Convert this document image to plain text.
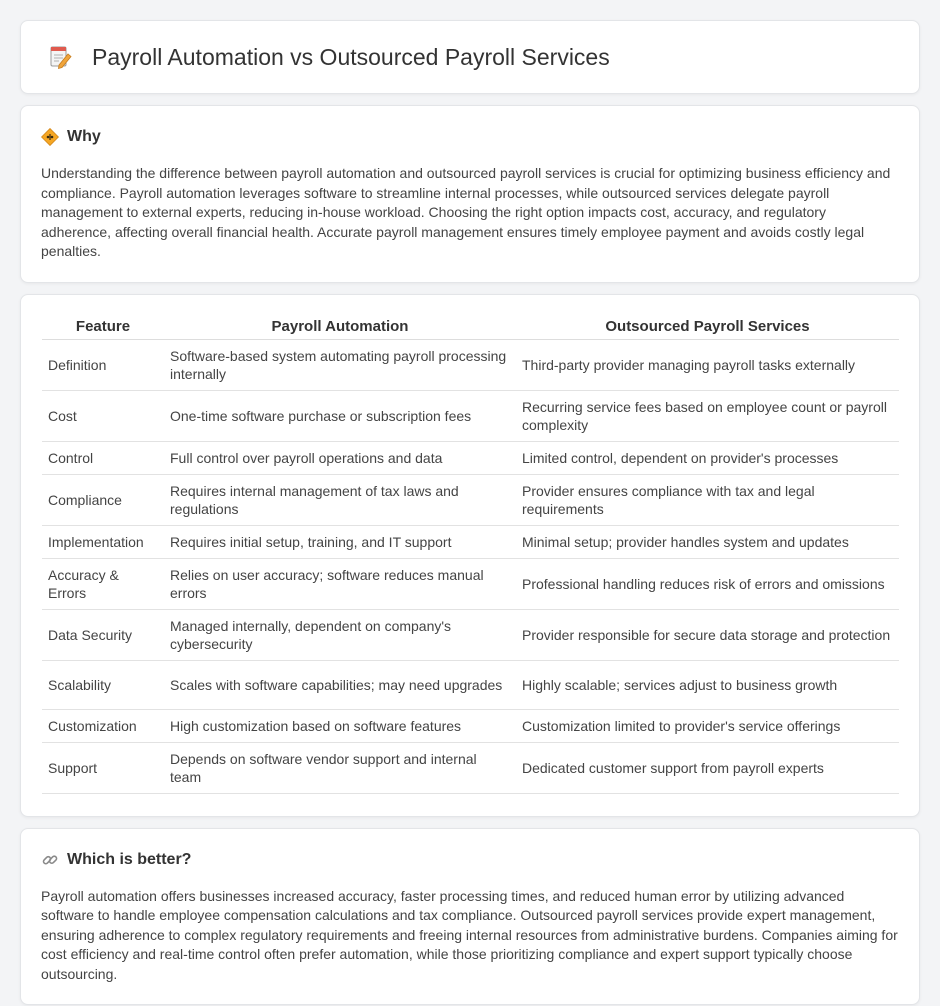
Payroll Automation vs Outsourced Payroll Services
Why

Understanding the difference between payroll automation and outsourced payroll services is crucial for optimizing business efficiency and compliance. Payroll automation leverages software to streamline internal processes, while outsourced services delegate payroll management to external experts, reducing in-house workload. Choosing the right option impacts cost, accuracy, and regulatory adherence, affecting overall financial health. Accurate payroll management ensures timely employee payment and avoids costly legal penalties.

Feature	Payroll Automation	Outsourced Payroll Services
Definition	Software-based system automating payroll processing internally	Third-party provider managing payroll tasks externally
Cost	One-time software purchase or subscription fees	Recurring service fees based on employee count or payroll complexity
Control	Full control over payroll operations and data	Limited control, dependent on provider's processes
Compliance	Requires internal management of tax laws and regulations	Provider ensures compliance with tax and legal requirements
Implementation	Requires initial setup, training, and IT support	Minimal setup; provider handles system and updates
Accuracy & Errors	Relies on user accuracy; software reduces manual errors	Professional handling reduces risk of errors and omissions
Data Security	Managed internally, dependent on company's cybersecurity	Provider responsible for secure data storage and protection
Scalability	Scales with software capabilities; may need upgrades	Highly scalable; services adjust to business growth
Customization	High customization based on software features	Customization limited to provider's service offerings
Support	Depends on software vendor support and internal team	Dedicated customer support from payroll experts
Which is better?

Payroll automation offers businesses increased accuracy, faster processing times, and reduced human error by utilizing advanced software to handle employee compensation calculations and tax compliance. Outsourced payroll services provide expert management, ensuring adherence to complex regulatory requirements and freeing internal resources from administrative burdens. Companies aiming for cost efficiency and real-time control often prefer automation, while those prioritizing compliance and expert support typically choose outsourcing.
